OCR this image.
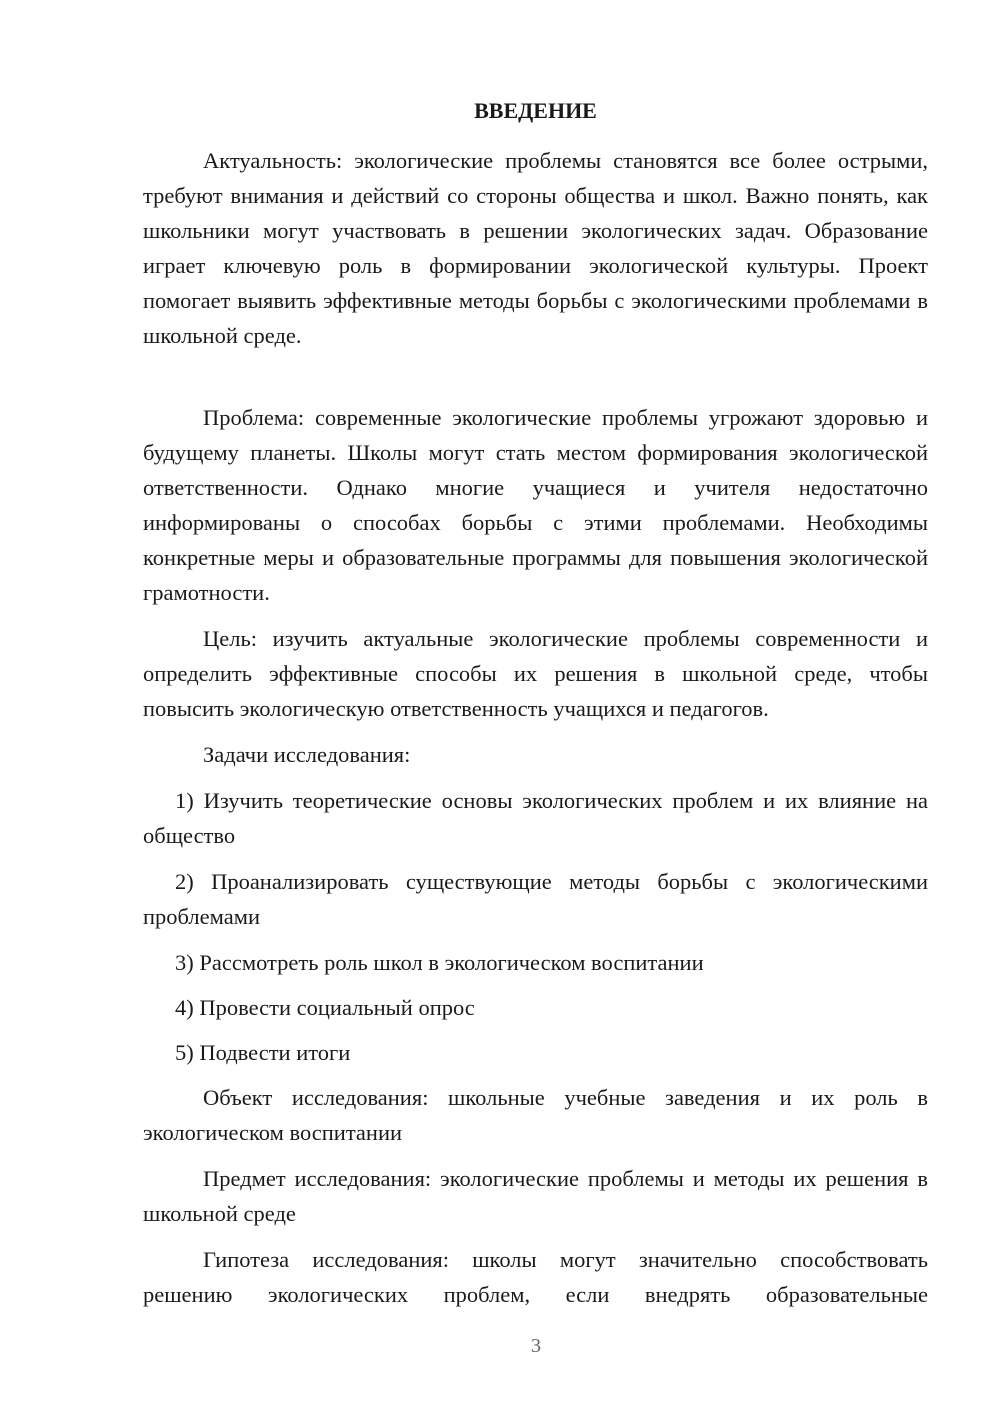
ВВЕДЕНИЕ

Актуальность: экологические проблемы становятся все более острыми, требуют внимания и действий со стороны общества и школ. Важно понять, как школьники могут участвовать в решении экологических задач. Образование играет ключевую роль в формировании экологической культуры. Проект помогает выявить эффективные методы борьбы с экологическими проблемами в школьной среде.

Проблема: современные экологические проблемы угрожают здоровью и будущему планеты. Школы могут стать местом формирования экологической ответственности. Однако многие учащиеся и учителя недостаточно информированы о способах борьбы с этими проблемами. Необходимы конкретные меры и образовательные программы для повышения экологической грамотности.

Цель: изучить актуальные экологические проблемы современности и определить эффективные способы их решения в школьной среде, чтобы повысить экологическую ответственность учащихся и педагогов.

Задачи исследования:

1) Изучить теоретические основы экологических проблем и их влияние на общество

2) Проанализировать существующие методы борьбы с экологическими проблемами

3) Рассмотреть роль школ в экологическом воспитании

4) Провести социальный опрос

5) Подвести итоги

Объект исследования: школьные учебные заведения и их роль в экологическом воспитании

Предмет исследования: экологические проблемы и методы их решения в школьной среде

Гипотеза исследования: школы могут значительно способствовать решению экологических проблем, если внедрять образовательные

3
